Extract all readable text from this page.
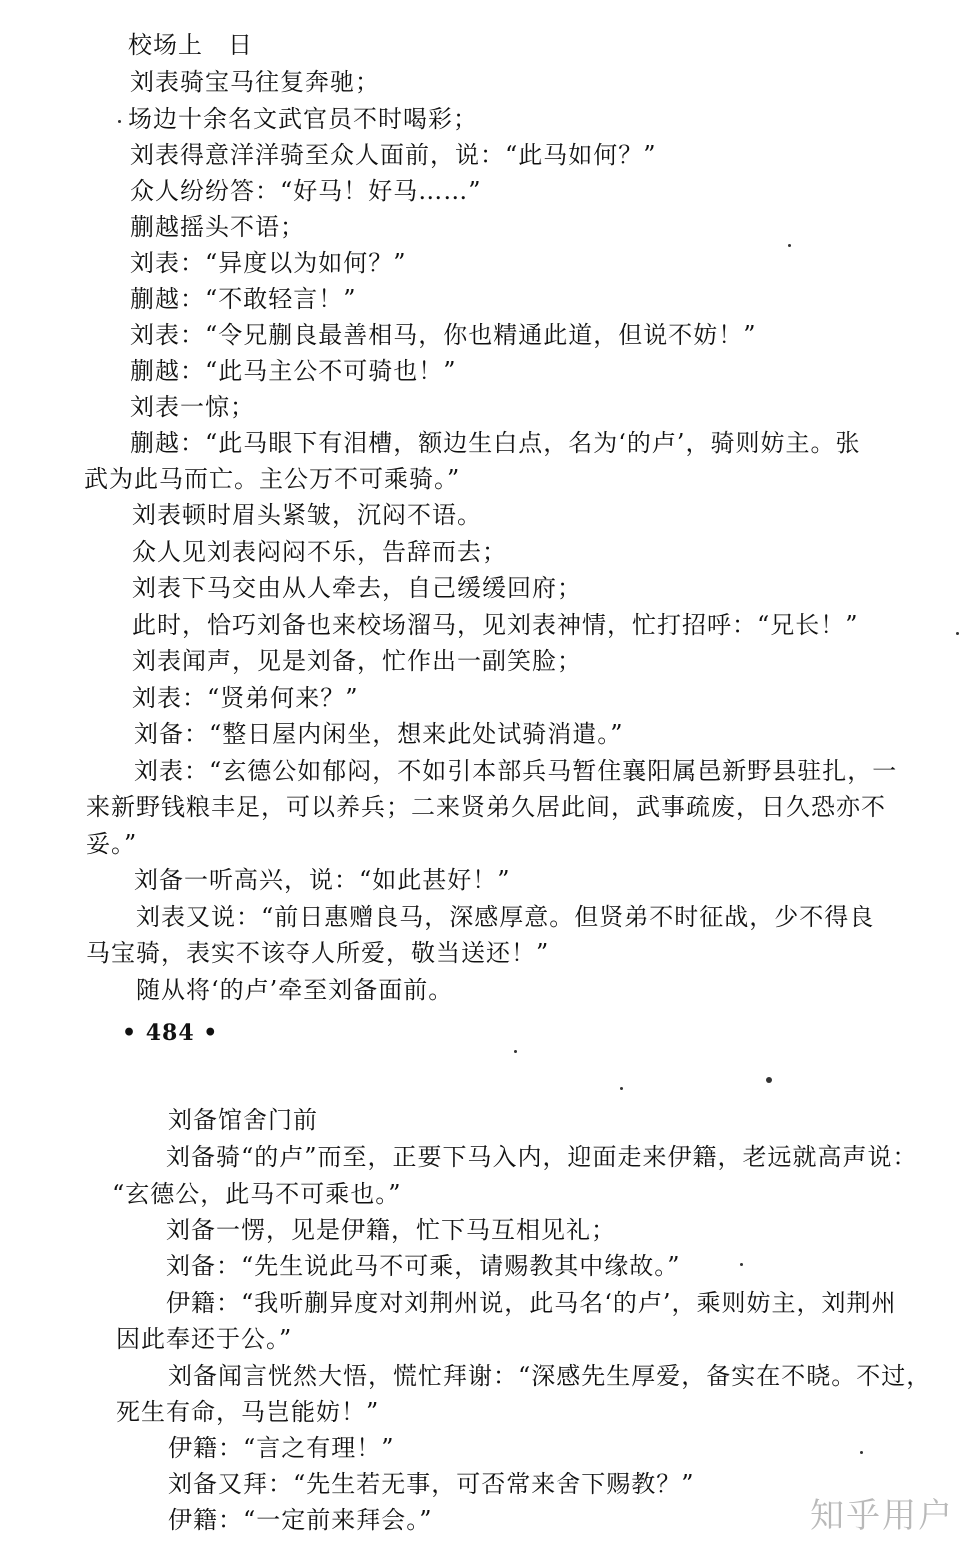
校场上　日
刘表骑宝马往复奔驰；
场边十余名文武官员不时喝彩；
刘表得意洋洋骑至众人面前，说：“此马如何？”
众人纷纷答：“好马！好马……”
蒯越摇头不语；
刘表：“异度以为如何？”
蒯越：“不敢轻言！”
刘表：“令兄蒯良最善相马，你也精通此道，但说不妨！”
蒯越：“此马主公不可骑也！”
刘表一惊；
蒯越：“此马眼下有泪槽，额边生白点，名为‘的卢’，骑则妨主。张
武为此马而亡。主公万不可乘骑。”
刘表顿时眉头紧皱，沉闷不语。
众人见刘表闷闷不乐，告辞而去；
刘表下马交由从人牵去，自己缓缓回府；
此时，恰巧刘备也来校场溜马，见刘表神情，忙打招呼：“兄长！”
刘表闻声，见是刘备，忙作出一副笑脸；
刘表：“贤弟何来？”
刘备：“整日屋内闲坐，想来此处试骑消遣。”
刘表：“玄德公如郁闷，不如引本部兵马暂住襄阳属邑新野县驻扎，一
来新野钱粮丰足，可以养兵；二来贤弟久居此间，武事疏废，日久恐亦不
妥。”
刘备一听高兴，说：“如此甚好！”
刘表又说：“前日惠赠良马，深感厚意。但贤弟不时征战，少不得良
马宝骑，表实不该夺人所爱，敬当送还！”
随从将‘的卢’牵至刘备面前。
• 484 •
刘备馆舍门前
刘备骑“的卢”而至，正要下马入内，迎面走来伊籍，老远就高声说：
“玄德公，此马不可乘也。”
刘备一愣，见是伊籍，忙下马互相见礼；
刘备：“先生说此马不可乘，请赐教其中缘故。”
伊籍：“我听蒯异度对刘荆州说，此马名‘的卢’，乘则妨主，刘荆州
因此奉还于公。”
刘备闻言恍然大悟，慌忙拜谢：“深感先生厚爱，备实在不晓。不过，
死生有命，马岂能妨！”
伊籍：“言之有理！”
刘备又拜：“先生若无事，可否常来舍下赐教？”
伊籍：“一定前来拜会。”	知乎用户
